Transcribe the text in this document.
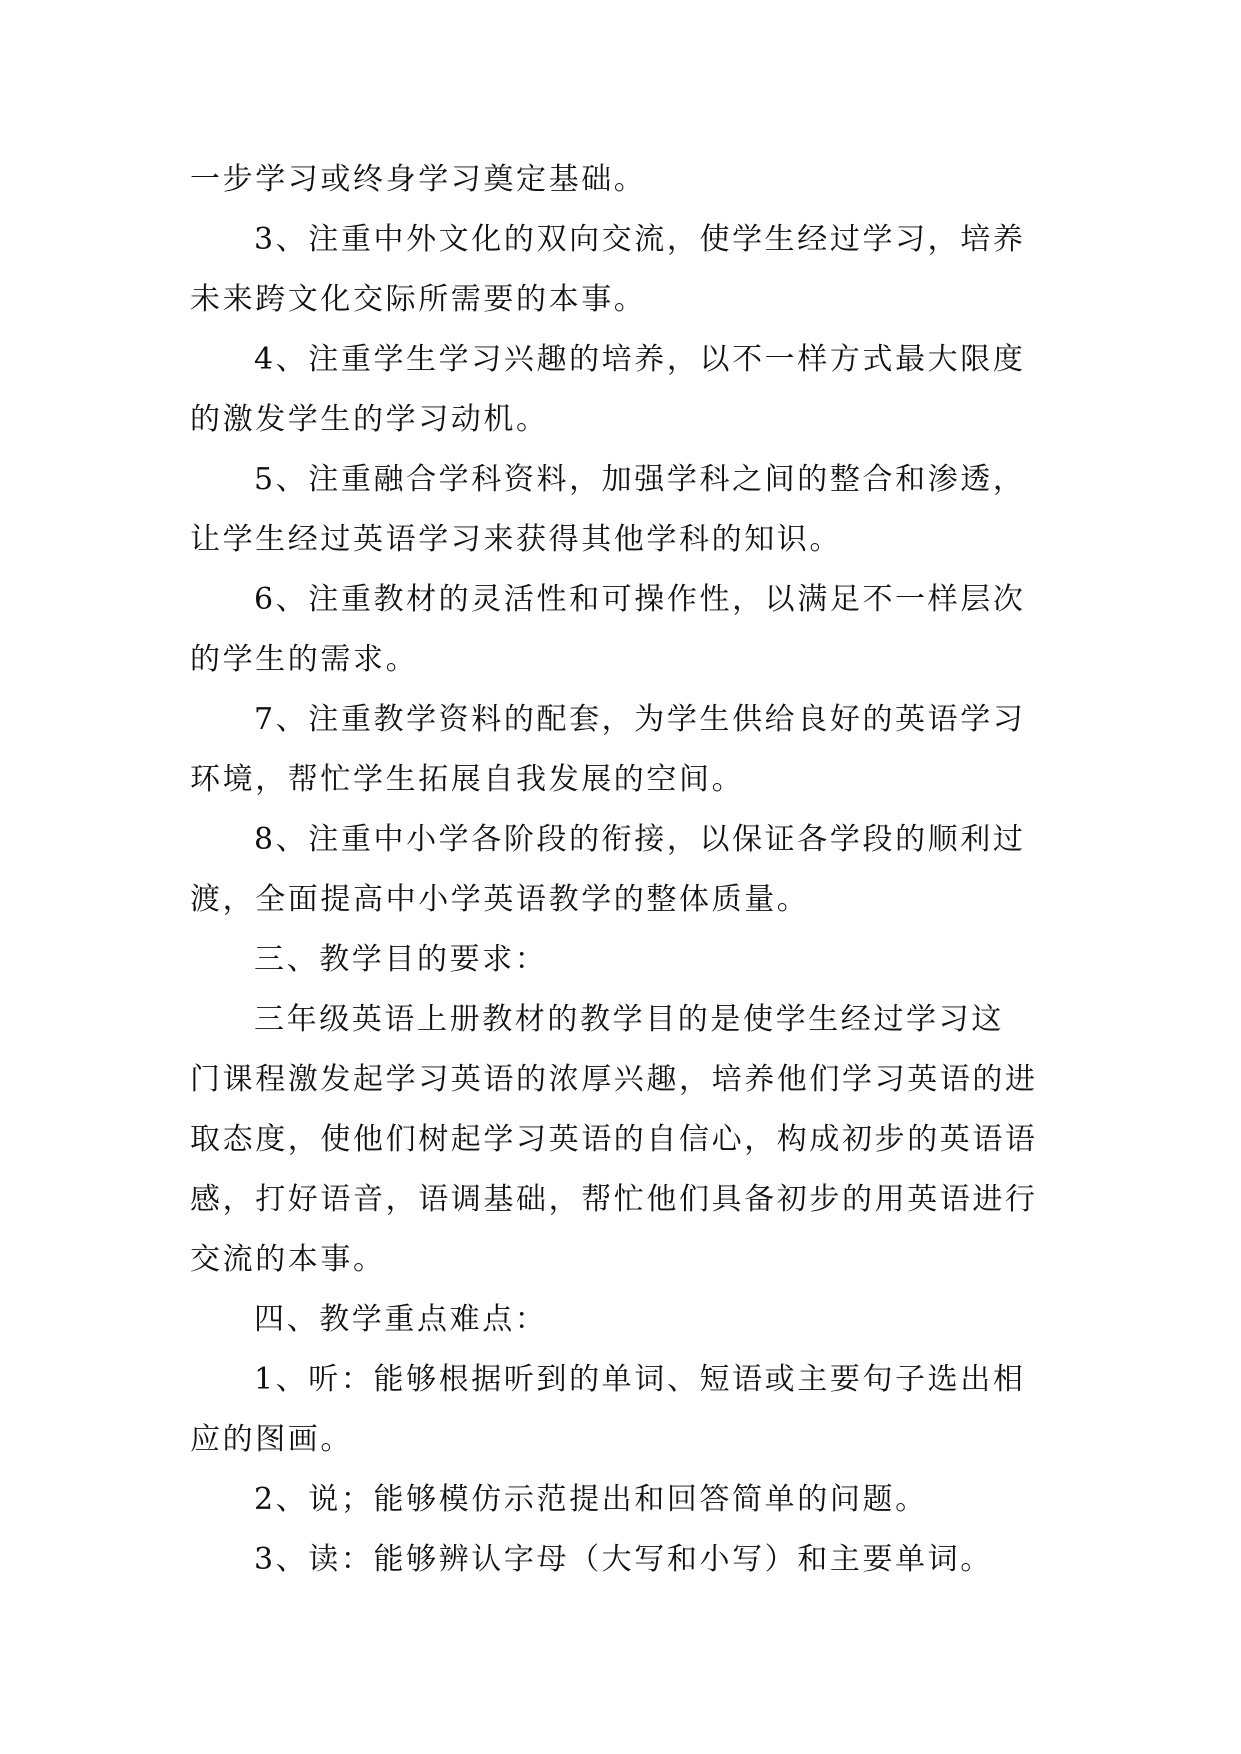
一步学习或终身学习奠定基础。
3、注重中外文化的双向交流，使学生经过学习，培养
未来跨文化交际所需要的本事。
4、注重学生学习兴趣的培养，以不一样方式最大限度
的激发学生的学习动机。
5、注重融合学科资料，加强学科之间的整合和渗透，
让学生经过英语学习来获得其他学科的知识。
6、注重教材的灵活性和可操作性，以满足不一样层次
的学生的需求。
7、注重教学资料的配套，为学生供给良好的英语学习
环境，帮忙学生拓展自我发展的空间。
8、注重中小学各阶段的衔接，以保证各学段的顺利过
渡，全面提高中小学英语教学的整体质量。
三、教学目的要求：
三年级英语上册教材的教学目的是使学生经过学习这
门课程激发起学习英语的浓厚兴趣，培养他们学习英语的进
取态度，使他们树起学习英语的自信心，构成初步的英语语
感，打好语音，语调基础，帮忙他们具备初步的用英语进行
交流的本事。
四、教学重点难点：
1、听：能够根据听到的单词、短语或主要句子选出相
应的图画。
2、说；能够模仿示范提出和回答简单的问题。
3、读：能够辨认字母（大写和小写）和主要单词。
